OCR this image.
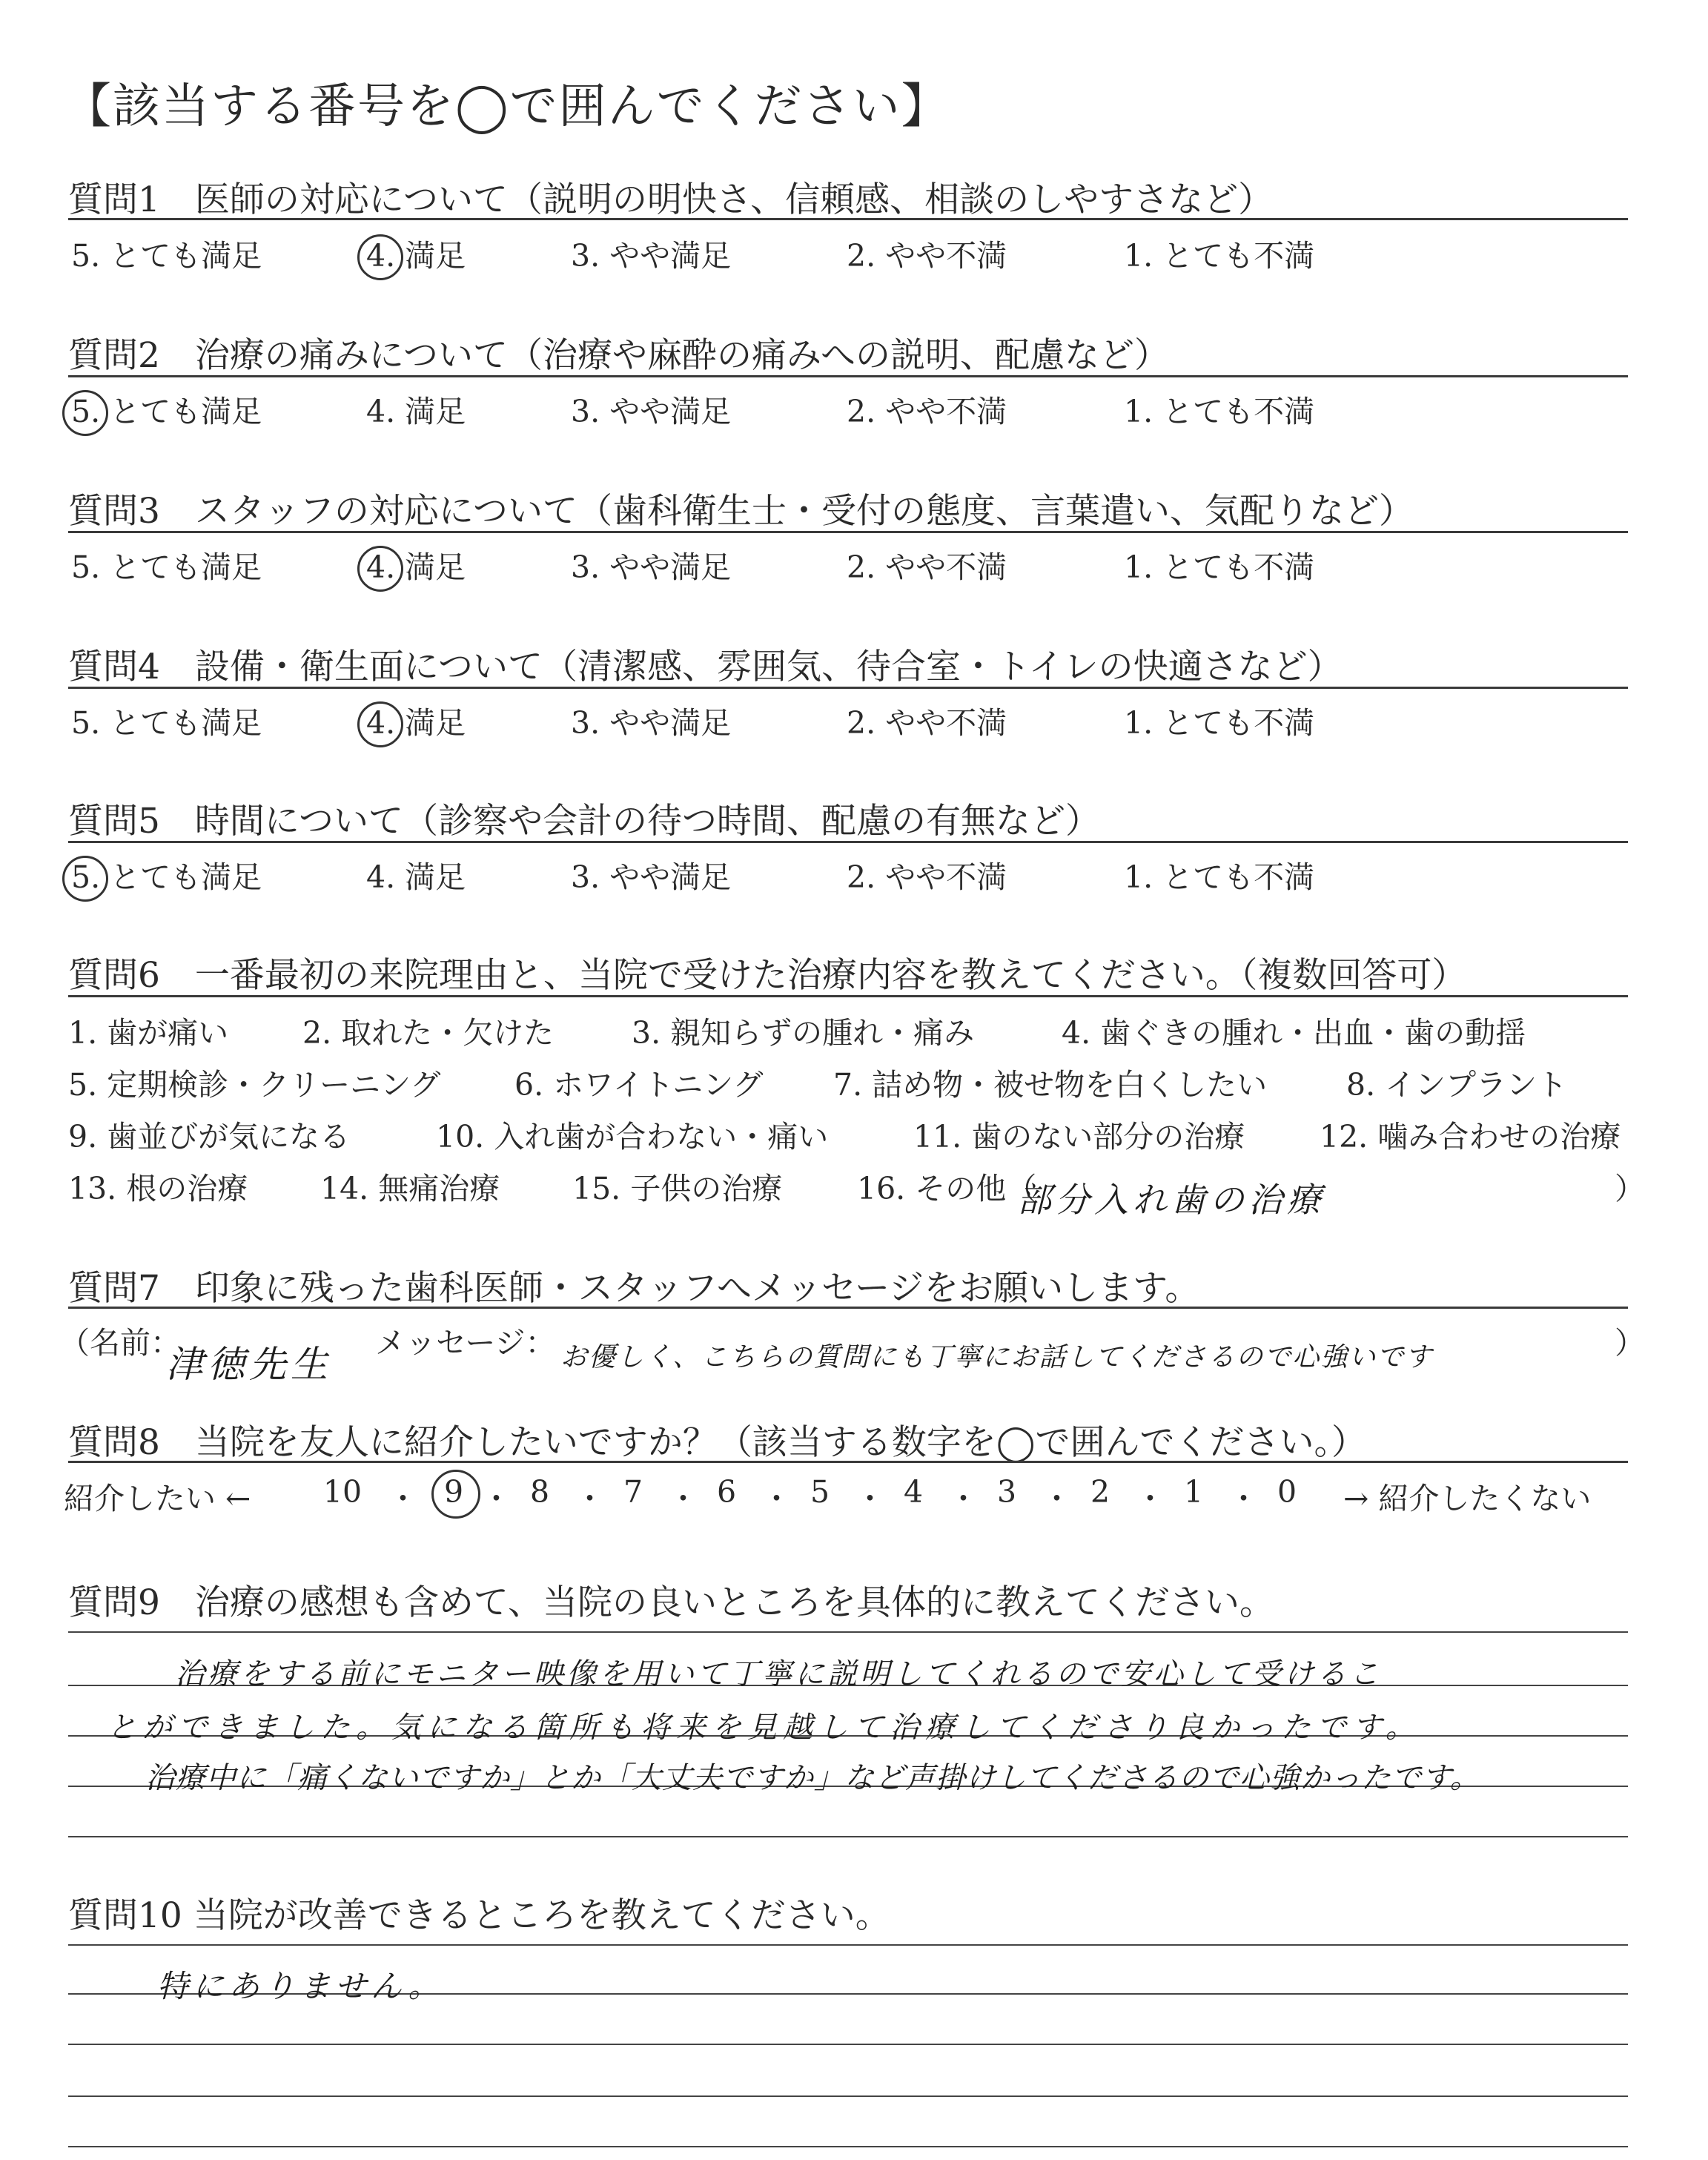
【該当する番号を◯で囲んでください】
質問1　医師の対応について（説明の明快さ、信頼感、相談のしやすさなど）
質問2　治療の痛みについて（治療や麻酔の痛みへの説明、配慮など）
質問3　スタッフの対応について（歯科衛生士・受付の態度、言葉遣い、気配りなど）
質問4　設備・衛生面について（清潔感、雰囲気、待合室・トイレの快適さなど）
質問5　時間について（診察や会計の待つ時間、配慮の有無など）
5. とても満足	4. 満足	3. やや満足	2. やや不満	1. とても不満
5. とても満足	4. 満足	3. やや満足	2. やや不満	1. とても不満
5. とても満足	4. 満足	3. やや満足	2. やや不満	1. とても不満
5. とても満足	4. 満足	3. やや満足	2. やや不満	1. とても不満
5. とても満足	4. 満足	3. やや満足	2. やや不満	1. とても不満
質問6　一番最初の来院理由と、当院で受けた治療内容を教えてください。（複数回答可）
1. 歯が痛い 2. 取れた・欠けた	3. 親知らずの腫れ・痛み	4. 歯ぐきの腫れ・出血・歯の動揺
5. 定期検診・クリーニング 6. ホワイトニング 7. 詰め物・被せ物を白くしたい	8. インプラント
9. 歯並びが気になる	10. 入れ歯が合わない・痛い	11. 歯のない部分の治療 12. 噛み合わせの治療
13. 根の治療 14. 無痛治療 15. 子供の治療 16. その他（
部分入れ歯の治療	）
質問7　印象に残った歯科医師・スタッフへメッセージをお願いします。
（名前：
津徳先生 メッセージ： お優しく、こちらの質問にも丁寧にお話してくださるので心強いです	）
質問8　当院を友人に紹介したいですか？（該当する数字を◯で囲んでください。）
紹介したい ←	→ 紹介したくない
10 ・ 9 ・ 8 ・ 7 ・ 6 ・ 5 ・ 4 ・ 3 ・ 2 ・ 1 ・ 0
質問9　治療の感想も含めて、当院の良いところを具体的に教えてください。
治療をする前にモニター映像を用いて丁寧に説明してくれるので安心して受けるこ
とができました。気になる箇所も将来を見越して治療してくださり良かったです。
治療中に「痛くないですか」とか「大丈夫ですか」など声掛けしてくださるので心強かったです。
質問10 当院が改善できるところを教えてください。
特にありません。
